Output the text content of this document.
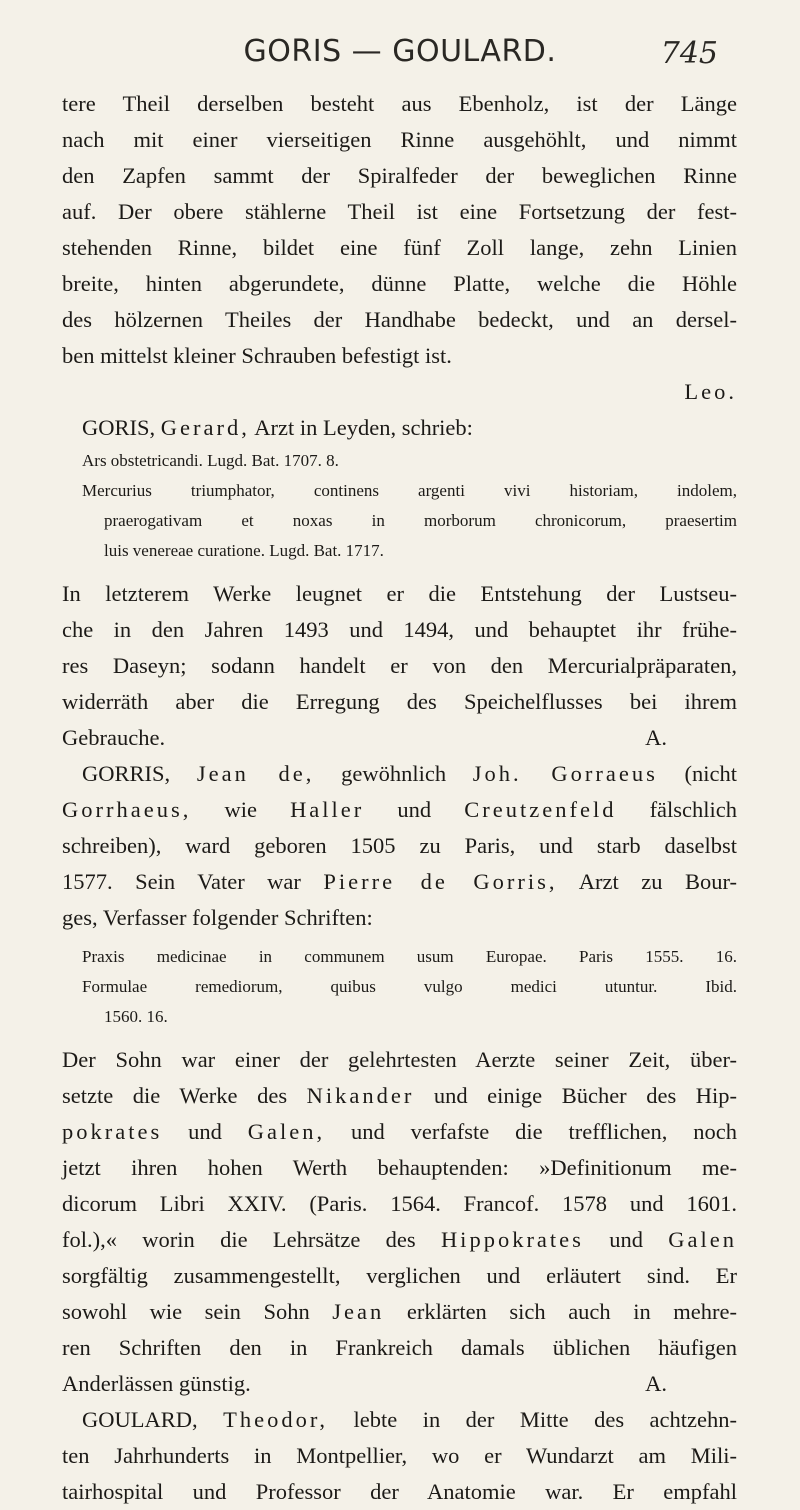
GORIS — GOULARD.	745
tere Theil derselben besteht aus Ebenholz, ist der Länge
nach mit einer vierseitigen Rinne ausgehöhlt, und nimmt
den Zapfen sammt der Spiralfeder der beweglichen Rinne
auf. Der obere stählerne Theil ist eine Fortsetzung der fest-
stehenden Rinne, bildet eine fünf Zoll lange, zehn Linien
breite, hinten abgerundete, dünne Platte, welche die Höhle
des hölzernen Theiles der Handhabe bedeckt, und an dersel-
ben mittelst kleiner Schrauben befestigt ist.
Leo.
GORIS, Gerard, Arzt in Leyden, schrieb:
Ars obstetricandi. Lugd. Bat. 1707. 8.
Mercurius triumphator, continens argenti vivi historiam, indolem,
praerogativam et noxas in morborum chronicorum, praesertim
luis venereae curatione. Lugd. Bat. 1717.
In letzterem Werke leugnet er die Entstehung der Lustseu-
che in den Jahren 1493 und 1494, und behauptet ihr frühe-
res Daseyn; sodann handelt er von den Mercurialpräparaten,
widerräth aber die Erregung des Speichelflusses bei ihrem
Gebrauche.	A.
GORRIS, Jean de, gewöhnlich Joh. Gorraeus (nicht
Gorrhaeus, wie Haller und Creutzenfeld fälschlich
schreiben), ward geboren 1505 zu Paris, und starb daselbst
1577. Sein Vater war Pierre de Gorris, Arzt zu Bour-
ges, Verfasser folgender Schriften:
Praxis medicinae in communem usum Europae. Paris 1555. 16.
Formulae remediorum, quibus vulgo medici utuntur. Ibid.
1560. 16.
Der Sohn war einer der gelehrtesten Aerzte seiner Zeit, über-
setzte die Werke des Nikander und einige Bücher des Hip-
pokrates und Galen, und verfafste die trefflichen, noch
jetzt ihren hohen Werth behauptenden: »Definitionum me-
dicorum Libri XXIV. (Paris. 1564. Francof. 1578 und 1601.
fol.),« worin die Lehrsätze des Hippokrates und Galen
sorgfältig zusammengestellt, verglichen und erläutert sind. Er
sowohl wie sein Sohn Jean erklärten sich auch in mehre-
ren Schriften den in Frankreich damals üblichen häufigen
Anderlässen günstig.	A.
GOULARD, Theodor, lebte in der Mitte des achtzehn-
ten Jahrhunderts in Montpellier, wo er Wundarzt am Mili-
tairhospital und Professor der Anatomie war. Er empfahl
